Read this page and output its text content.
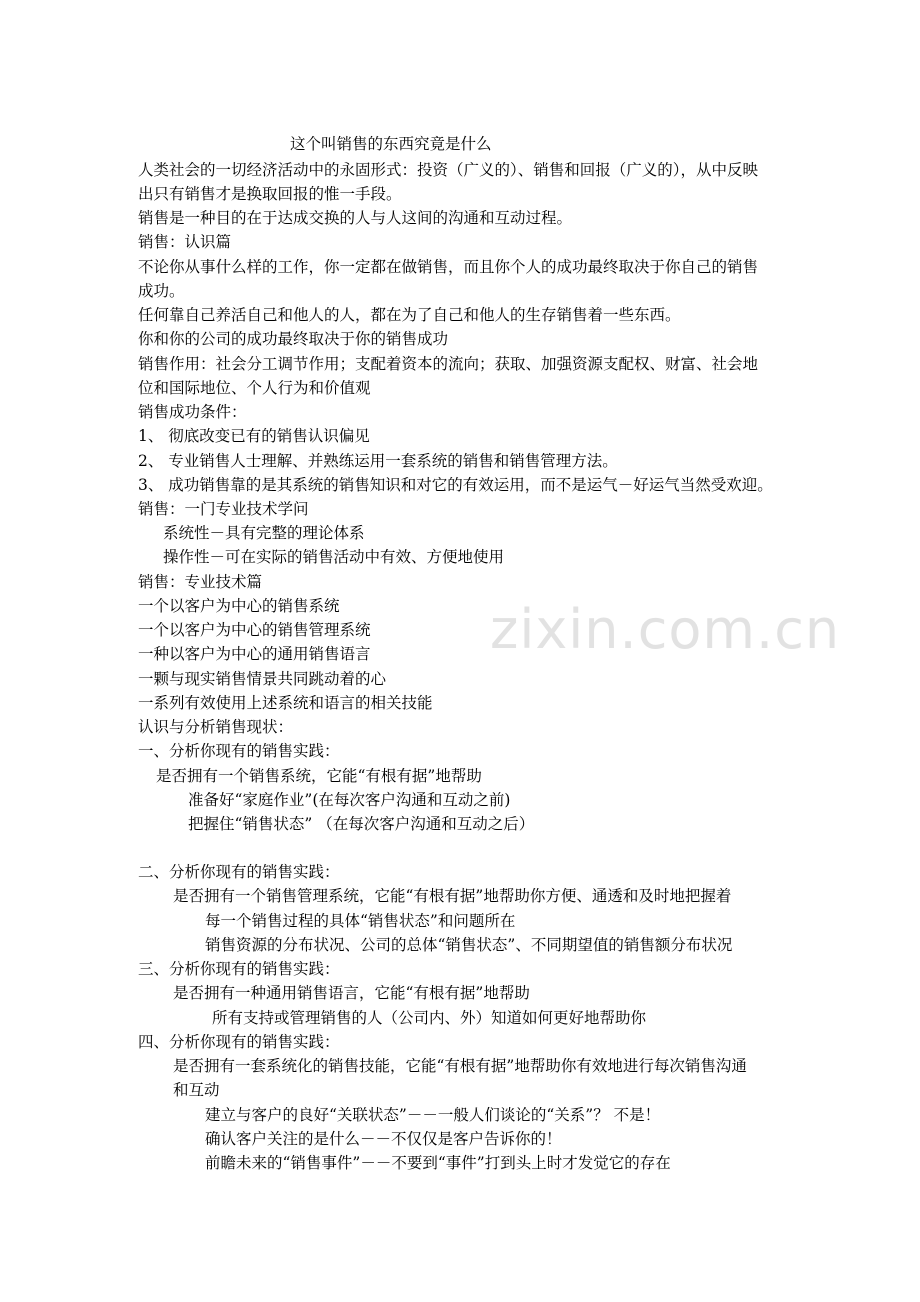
zixin.com.cn
这个叫销售的东西究竟是什么
人类社会的一切经济活动中的永固形式：投资（广义的）、销售和回报（广义的），从中反映
出只有销售才是换取回报的惟一手段。
销售是一种目的在于达成交换的人与人这间的沟通和互动过程。
销售：认识篇
不论你从事什么样的工作，你一定都在做销售，而且你个人的成功最终取决于你自己的销售
成功。
任何靠自己养活自己和他人的人，都在为了自己和他人的生存销售着一些东西。
你和你的公司的成功最终取决于你的销售成功
销售作用：社会分工调节作用；支配着资本的流向；获取、加强资源支配权、财富、社会地
位和国际地位、个人行为和价值观
销售成功条件：
1、 彻底改变已有的销售认识偏见
2、 专业销售人士理解、并熟练运用一套系统的销售和销售管理方法。
3、 成功销售靠的是其系统的销售知识和对它的有效运用，而不是运气－好运气当然受欢迎。
销售：一门专业技术学问
系统性－具有完整的理论体系
操作性－可在实际的销售活动中有效、方便地使用
销售：专业技术篇
一个以客户为中心的销售系统
一个以客户为中心的销售管理系统
一种以客户为中心的通用销售语言
一颗与现实销售情景共同跳动着的心
一系列有效使用上述系统和语言的相关技能
认识与分析销售现状：
一、分析你现有的销售实践：
是否拥有一个销售系统，它能“有根有据”地帮助
准备好“家庭作业”(在每次客户沟通和互动之前)
把握住“销售状态” （在每次客户沟通和互动之后）
二、分析你现有的销售实践：
是否拥有一个销售管理系统，它能“有根有据”地帮助你方便、通透和及时地把握着
每一个销售过程的具体“销售状态”和问题所在
销售资源的分布状况、公司的总体“销售状态”、不同期望值的销售额分布状况
三、分析你现有的销售实践：
是否拥有一种通用销售语言，它能“有根有据”地帮助
所有支持或管理销售的人（公司内、外）知道如何更好地帮助你
四、分析你现有的销售实践：
是否拥有一套系统化的销售技能，它能“有根有据”地帮助你有效地进行每次销售沟通
和互动
建立与客户的良好“关联状态”－－一般人们谈论的“关系”？ 不是！
确认客户关注的是什么－－不仅仅是客户告诉你的！
前瞻未来的“销售事件”－－不要到“事件”打到头上时才发觉它的存在
